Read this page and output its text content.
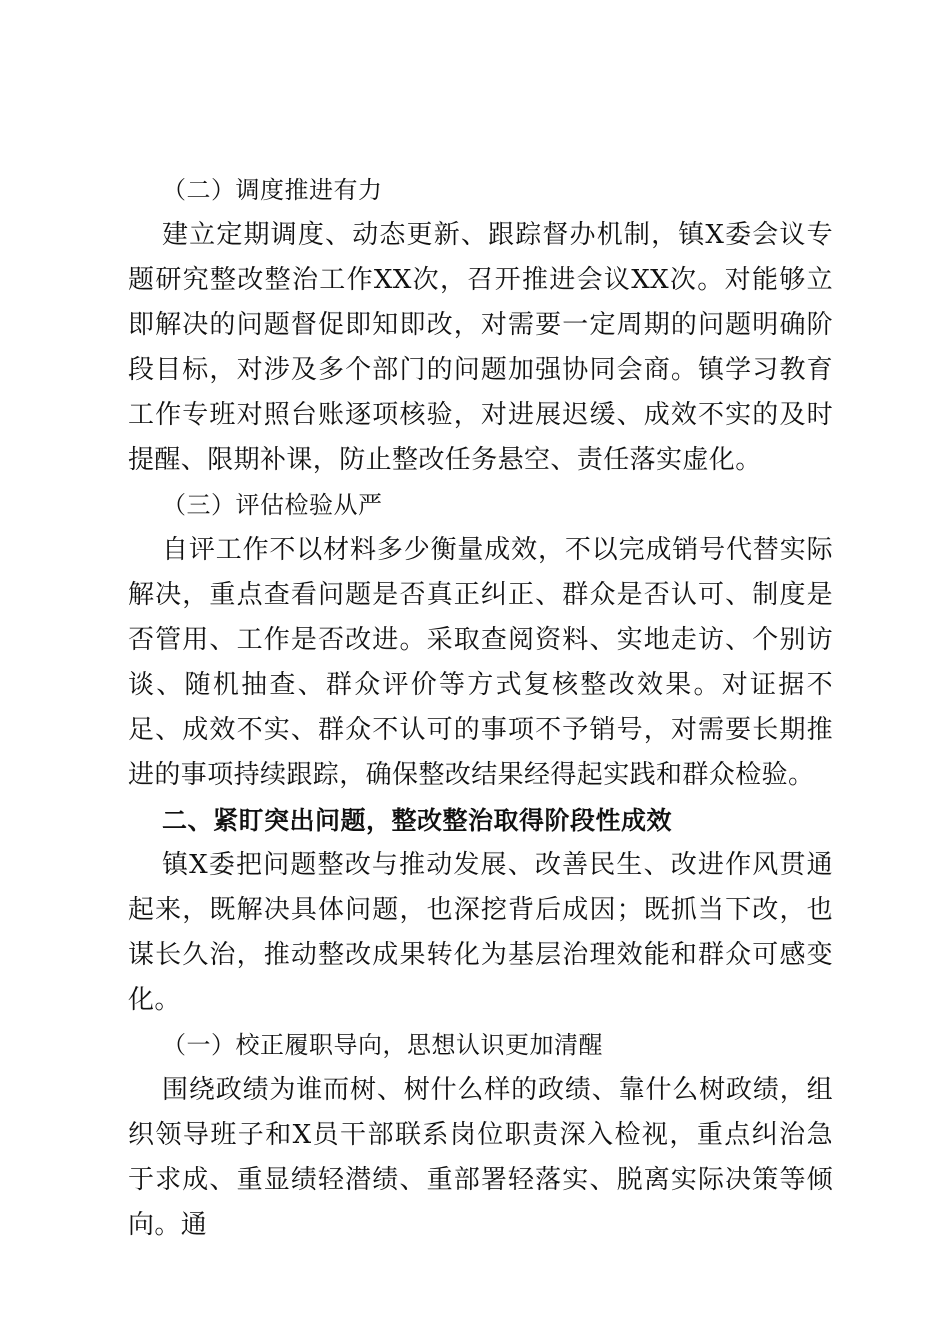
（二）调度推进有力

建立定期调度、动态更新、跟踪督办机制，镇X委会议专题研究整改整治工作XX次，召开推进会议XX次。对能够立即解决的问题督促即知即改，对需要一定周期的问题明确阶段目标，对涉及多个部门的问题加强协同会商。镇学习教育工作专班对照台账逐项核验，对进展迟缓、成效不实的及时提醒、限期补课，防止整改任务悬空、责任落实虚化。

（三）评估检验从严

自评工作不以材料多少衡量成效，不以完成销号代替实际解决，重点查看问题是否真正纠正、群众是否认可、制度是否管用、工作是否改进。采取查阅资料、实地走访、个别访谈、随机抽查、群众评价等方式复核整改效果。对证据不足、成效不实、群众不认可的事项不予销号，对需要长期推进的事项持续跟踪，确保整改结果经得起实践和群众检验。

二、紧盯突出问题，整改整治取得阶段性成效

镇X委把问题整改与推动发展、改善民生、改进作风贯通起来，既解决具体问题，也深挖背后成因；既抓当下改，也谋长久治，推动整改成果转化为基层治理效能和群众可感变化。

（一）校正履职导向，思想认识更加清醒

围绕政绩为谁而树、树什么样的政绩、靠什么树政绩，组织领导班子和X员干部联系岗位职责深入检视，重点纠治急于求成、重显绩轻潜绩、重部署轻落实、脱离实际决策等倾向。通
